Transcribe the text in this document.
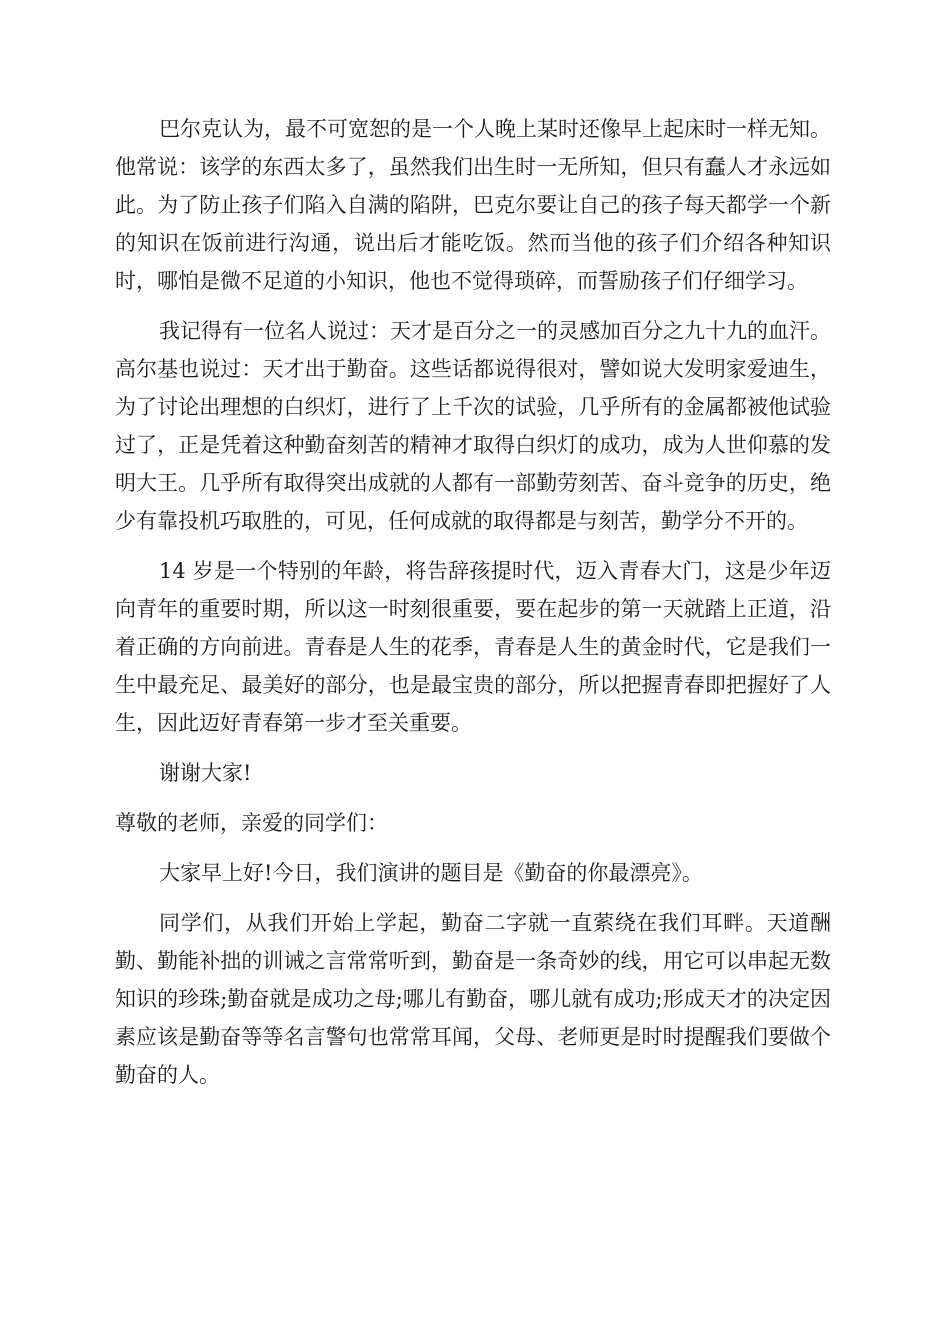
巴尔克认为，最不可宽恕的是一个人晚上某时还像早上起床时一样无知。他常说：该学的东西太多了，虽然我们出生时一无所知，但只有蠢人才永远如此。为了防止孩子们陷入自满的陷阱，巴克尔要让自己的孩子每天都学一个新的知识在饭前进行沟通，说出后才能吃饭。然而当他的孩子们介绍各种知识时，哪怕是微不足道的小知识，他也不觉得琐碎，而誓励孩子们仔细学习。

我记得有一位名人说过：天才是百分之一的灵感加百分之九十九的血汗。高尔基也说过：天才出于勤奋。这些话都说得很对，譬如说大发明家爱迪生，为了讨论出理想的白织灯，进行了上千次的试验，几乎所有的金属都被他试验过了，正是凭着这种勤奋刻苦的精神才取得白织灯的成功，成为人世仰慕的发明大王。几乎所有取得突出成就的人都有一部勤劳刻苦、奋斗竞争的历史，绝少有靠投机巧取胜的，可见，任何成就的取得都是与刻苦，勤学分不开的。

14 岁是一个特别的年龄，将告辞孩提时代，迈入青春大门，这是少年迈向青年的重要时期，所以这一时刻很重要，要在起步的第一天就踏上正道，沿着正确的方向前进。青春是人生的花季，青春是人生的黄金时代，它是我们一生中最充足、最美好的部分，也是最宝贵的部分，所以把握青春即把握好了人生，因此迈好青春第一步才至关重要。

谢谢大家!

尊敬的老师，亲爱的同学们：

大家早上好!今日，我们演讲的题目是《勤奋的你最漂亮》。

同学们，从我们开始上学起，勤奋二字就一直萦绕在我们耳畔。天道酬勤、勤能补拙的训诫之言常常听到，勤奋是一条奇妙的线，用它可以串起无数知识的珍珠;勤奋就是成功之母;哪儿有勤奋，哪儿就有成功;形成天才的决定因素应该是勤奋等等名言警句也常常耳闻，父母、老师更是时时提醒我们要做个勤奋的人。
